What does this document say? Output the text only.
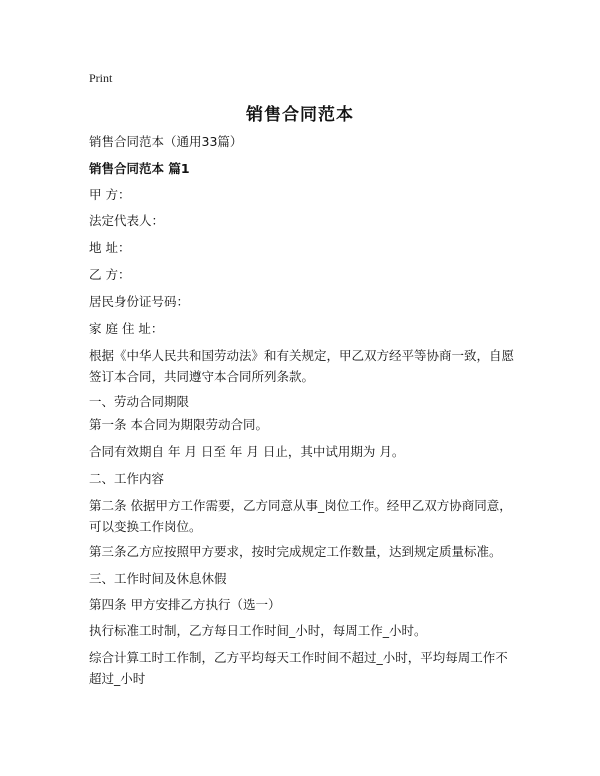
Print
销售合同范本
销售合同范本（通用33篇）
销售合同范本 篇1
甲 方：
法定代表人：
地 址：
乙 方：
居民身份证号码：
家 庭 住 址：
根据《中华人民共和国劳动法》和有关规定，甲乙双方经平等协商一致，自愿签订本合同，共同遵守本合同所列条款。
一、劳动合同期限
第一条 本合同为期限劳动合同。
合同有效期自 年 月 日至 年 月 日止，其中试用期为 月。
二、工作内容
第二条 依据甲方工作需要，乙方同意从事_岗位工作。经甲乙双方协商同意，可以变换工作岗位。
第三条乙方应按照甲方要求，按时完成规定工作数量，达到规定质量标准。
三、工作时间及休息休假
第四条 甲方安排乙方执行（选一）
执行标准工时制，乙方每日工作时间_小时，每周工作_小时。
综合计算工时工作制，乙方平均每天工作时间不超过_小时，平均每周工作不超过_小时
